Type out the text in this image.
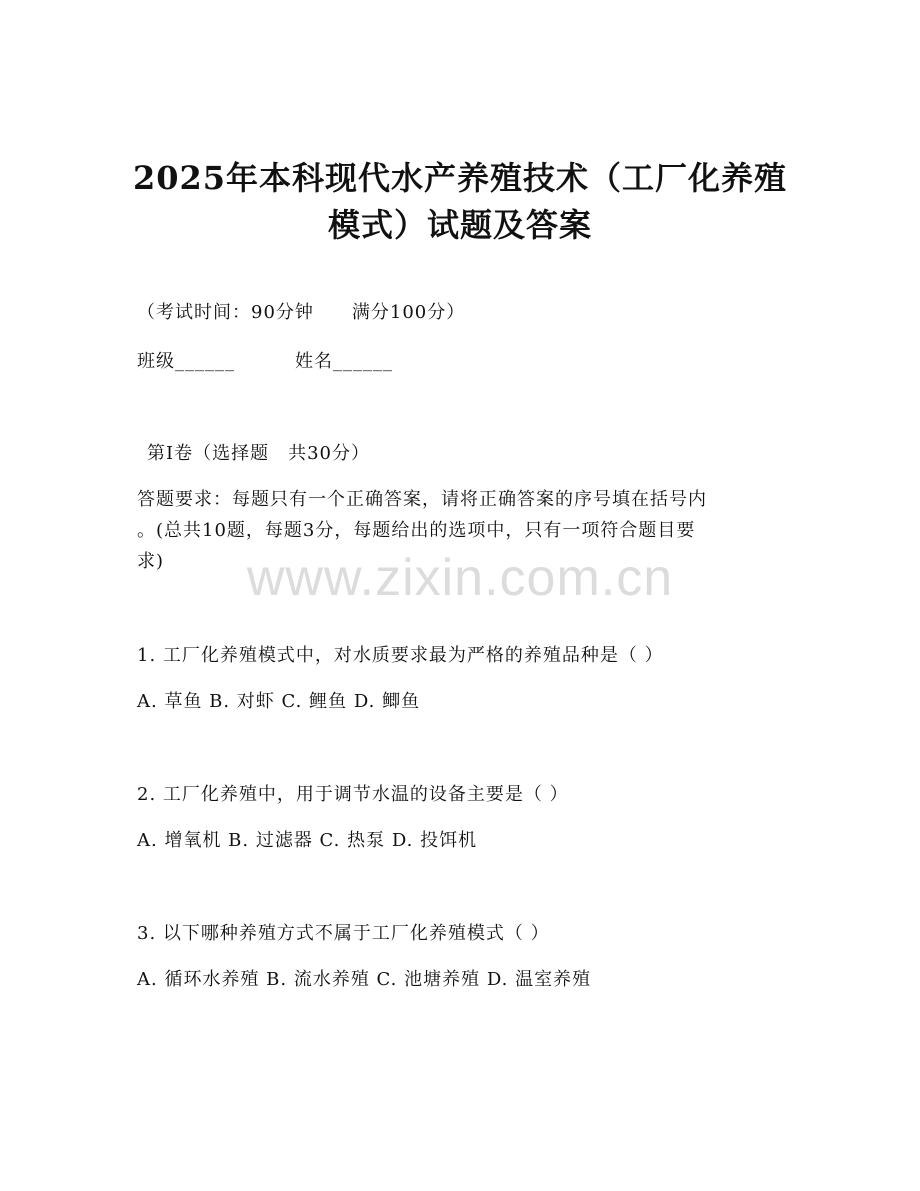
2025年本科现代水产养殖技术（工厂化养殖
模式）试题及答案
（考试时间：90分钟　　满分100分）
班级______	姓名______
第I卷（选择题　共30分）
答题要求：每题只有一个正确答案，请将正确答案的序号填在括号内
。(总共10题，每题3分，每题给出的选项中，只有一项符合题目要
求)	www.zixin.com.cn
1. 工厂化养殖模式中，对水质要求最为严格的养殖品种是（ ）
A. 草鱼 B. 对虾 C. 鲤鱼 D. 鲫鱼
2. 工厂化养殖中，用于调节水温的设备主要是（ ）
A. 增氧机 B. 过滤器 C. 热泵 D. 投饵机
3. 以下哪种养殖方式不属于工厂化养殖模式（ ）
A. 循环水养殖 B. 流水养殖 C. 池塘养殖 D. 温室养殖
